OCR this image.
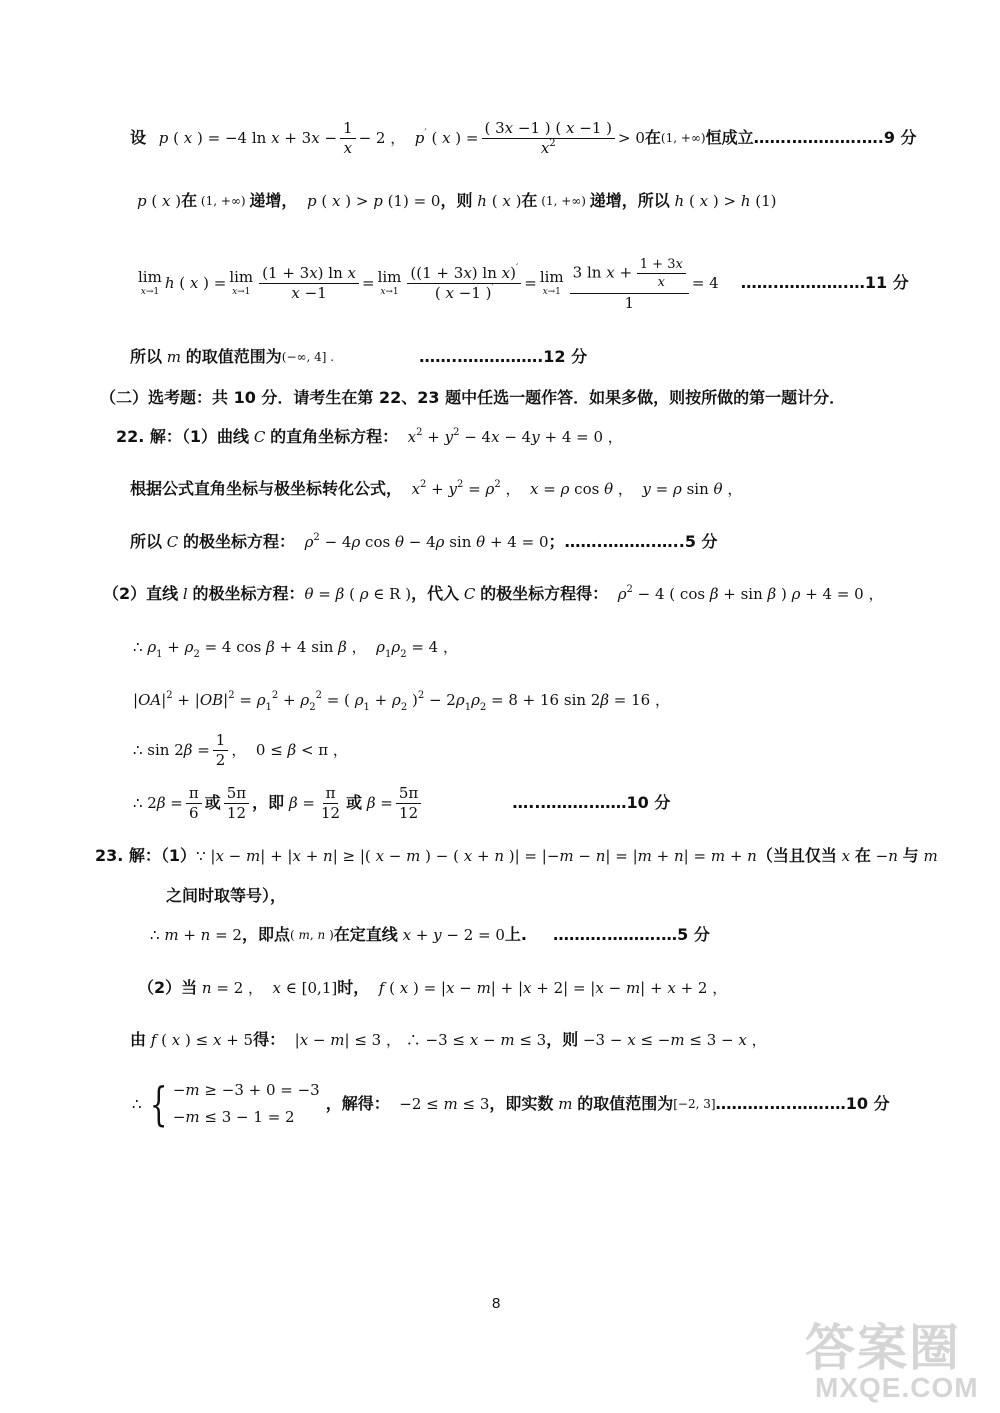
设 p ( x ) = −4 $\ln x + 3x - \frac{1}{x} - 2$ ，  p′ ( x ) = $\frac{( 3x -1 ) ( x -1 )}{x^2} > 0$ 在 (1, +∞) 恒成立 …….………….….9 分
p ( x ) 在 (1, +∞) 递增， p ( x ) > p (1) = 0 ，则 h ( x ) 在 (1, +∞) 递增，所以 h ( x ) > h (1)
lim
x→1 h ( x ) = lim
$x\to 1 \frac{\text{(1 + 3x) ln x}}{x -1} = \lim$
$x\to 1 \frac{((1 + 3x) \ln x)'}{( x -1 )'} = \lim$
$x\to 1 \frac{3 \ln x + \frac{1 + 3x}{x}}{1} = 4$ …….………….…11 分
所以 m 的取值范围为 (−∞, 4] .	…….…………….12 分
（二）选考题：共 10 分．请考生在第 22、23 题中任选一题作答．如果多做，则按所做的第一题计分．
22. 解：（1）曲线 C 的直角坐标方程： $x^2 + y^2 - 4x - 4y + 4 = 0$ ，
根据公式直角坐标与极坐标转化公式， $x^2 + y^2 = \rho^2$ ，  x = ρ cos θ ，  y = ρ sin θ ，
所以 C 的极坐标方程： $\rho^2 - 4\rho$ cos θ − 4ρ sin θ + 4 = 0 ；…….……….…..5 分
（2）直线 l 的极坐标方程： θ = β ( ρ ∈ R ) ，代入 C 的极坐标方程得： $\rho^2 - 4$ ( cos β + sin β ) ρ + 4 = 0 ，
∴ $\rho_1 + \rho_2 = 4$ cos β + 4 sin β ，  $\rho_1\rho_2 = 4$ ，
$|OA|^2 + |OB|^2 = \rho_1^2 + \rho_2^2$ = ( $\rho_1 + \rho_2$ )$^2 - 2\rho_1\rho_2 = 8 + 16$ sin 2β = 16 ，
∴ $\sin 2\beta = \frac{1}{2}$ ，  0 ≤ β < π ，
∴ $2\beta = \frac{\pi}{6}$ 或 $\frac{5\pi}{12}$ ，即 $\beta = \frac{\pi}{12}$ 或 $\beta = \frac{5\pi}{12}$	…..……….……10 分
23. 解：（1） ∵ |x − m| + |x + n| ≥ |( x − m ) − ( x + n )| = |−m − n| = |m + n| = m + n （当且仅当 x 在 −n 与 m
之间时取等号），
∴ m + n = 2 ，即点 ( m, n ) 在定直线 x + y − 2 = 0 上. ……….……….…5 分
（2）当 n = 2 ，  x ∈ [0,1] 时， f ( x ) = |x − m| + |x + 2| = |x − m| + x + 2 ，
由 f ( x ) ≤ x + 5 得： |x − m| ≤ 3 ， ∴ −3 ≤ x − m ≤ 3 ，则 −3 − x ≤ −m ≤ 3 − x ，
∴ { −m ≥ −3 + 0 = −3
−m ≤ 3 − 1 = 2
，解得： −2 ≤ m ≤ 3 ，即实数 m 的取值范围为 [−2, 3] ……….….…….…10 分
8
答案圈
MXQE.COM
